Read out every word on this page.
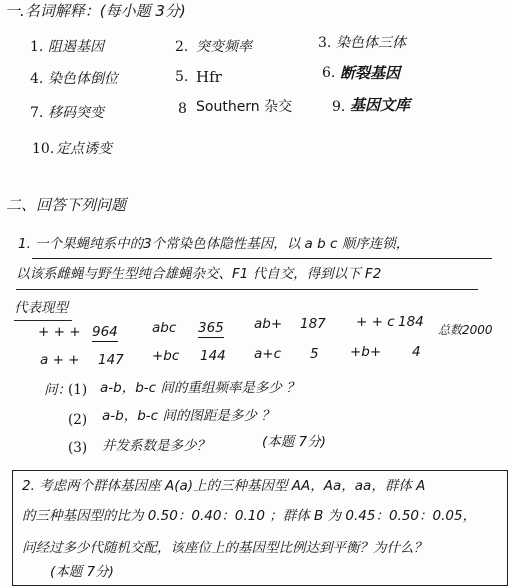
一.名词解释：(每小题 3分)
1. 阻遏基因	2. 突变频率	3. 染色体三体
4. 染色体倒位	5. Hfr	6. 断裂基因
7. 移码突变	8 Southern 杂交	9. 基因文库
10. 定点诱变
二、回答下列问题
1. 一个果蝇纯系中的3个常染色体隐性基因，以 a b c 顺序连锁，
以该系雌蝇与野生型纯合雄蝇杂交、F1 代自交，得到以下 F2
代表现型
总数2000
+ + + 964	abc 365 ab+ 187 + + c 184
a + + 147 +bc 144 a+c 5 +b+ 4
问：
(1) a-b，b-c 间的重组频率是多少 ？
(2) a-b，b-c 间的图距是多少 ？
(3) 并发系数是多少？	(本题 7分)
2. 考虑两个群体基因座 A(a)上的三种基因型 AA，Aa，aa，群体 A
的三种基因型的比为 0.50：0.40：0.10 ；群体 B 为 0.45：0.50：0.05，
问经过多少代随机交配，该座位上的基因型比例达到平衡？为什么？
(本题 7分)
